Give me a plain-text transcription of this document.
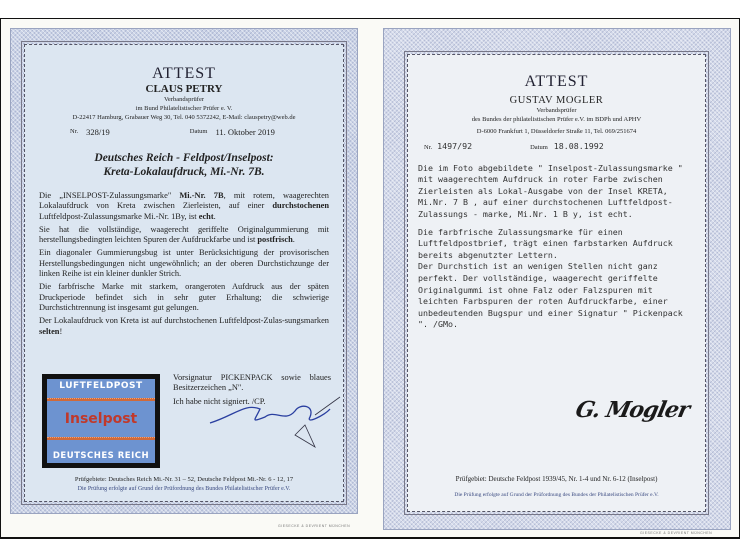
ATTEST
CLAUS PETRY
Verbandsprüfer
im Bund Philatelistischer Prüfer e. V.
D-22417 Hamburg, Grabauer Weg 30, Tel. 040 5372242, E-Mail: clauspetry@web.de
Nr. 328/19	Datum 11. Oktober 2019
Deutsches Reich - Feldpost/Inselpost:
Kreta-Lokalaufdruck, Mi.-Nr. 7B.

Die „INSELPOST-Zulassungsmarke" Mi.-Nr. 7B, mit rotem, waagerechten Lokalaufdruck von Kreta zwischen Zierleisten, auf einer durchstochenen Luftfeldpost-Zulassungsmarke Mi.-Nr. 1By, ist echt.

Sie hat die vollständige, waagerecht geriffelte Originalgummierung mit herstellungsbedingten leichten Spuren der Aufdruckfarbe und ist postfrisch.

Ein diagonaler Gummierungsbug ist unter Berücksichtigung der provisorischen Herstellungsbedingungen nicht ungewöhnlich; an der oberen Durchstichzunge der linken Reihe ist ein kleiner dunkler Strich.

Die farbfrische Marke mit starkem, orangeroten Aufdruck aus der späten Druckperiode befindet sich in sehr guter Erhaltung; die schwierige Durchstichtrennung ist insgesamt gut gelungen.

Der Lokalaufdruck von Kreta ist auf durchstochenen Luftfeldpost-Zulas-sungsmarken selten!

Vorsignatur PICKENPACK sowie blaues Besitzerzeichen „N".

Ich habe nicht signiert. /CP.

Prüfgebiete: Deutsches Reich Mi.-Nr. 31 – 52, Deutsche Feldpost Mi.-Nr. 6 - 12, 17
Die Prüfung erfolgte auf Grund der Prüfordnung des Bundes Philatelistischer Prüfer e.V.
LUFTFELDPOST
Inselpost
DEUTSCHES REICH
GIESECKE & DEVRIENT MÜNCHEN
ATTEST
GUSTAV MOGLER
Verbandsprüfer
des Bundes der philatelistischen Prüfer e.V. im BDPh und APHV
D-6000 Frankfurt 1, Düsseldorfer Straße 11, Tel. 069/251674
Nr. 1497/92	Datum 18.08.1992

Die im Foto abgebildete " Inselpost-Zulassungsmarke " mit waagerechtem Aufdruck in roter Farbe zwischen Zierleisten als Lokal-Ausgabe von der Insel KRETA, Mi.Nr. 7 B , auf einer durchstochenen Luftfeldpost-Zulassungs - marke, Mi.Nr. 1 B y, ist echt.

Die farbfrische Zulassungsmarke für einen Luftfeldpostbrief, trägt einen farbstarken Aufdruck bereits abgenutzter Lettern.

Der Durchstich ist an wenigen Stellen nicht ganz perfekt. Der vollständige, waagerecht geriffelte Originalgummi ist ohne Falz oder Falzspuren mit leichten Farbspuren der roten Aufdruckfarbe, einer unbedeutenden Bugspur und einer Signatur " Pickenpack ". /GMo.

G. Mogler
Prüfgebiet: Deutsche Feldpost 1939/45, Nr. 1-4 und Nr. 6-12 (Inselpost)
Die Prüfung erfolgte auf Grund der Prüfordnung des Bundes der Philatelistischen Prüfer e.V.
GIESECKE & DEVRIENT MÜNCHEN
